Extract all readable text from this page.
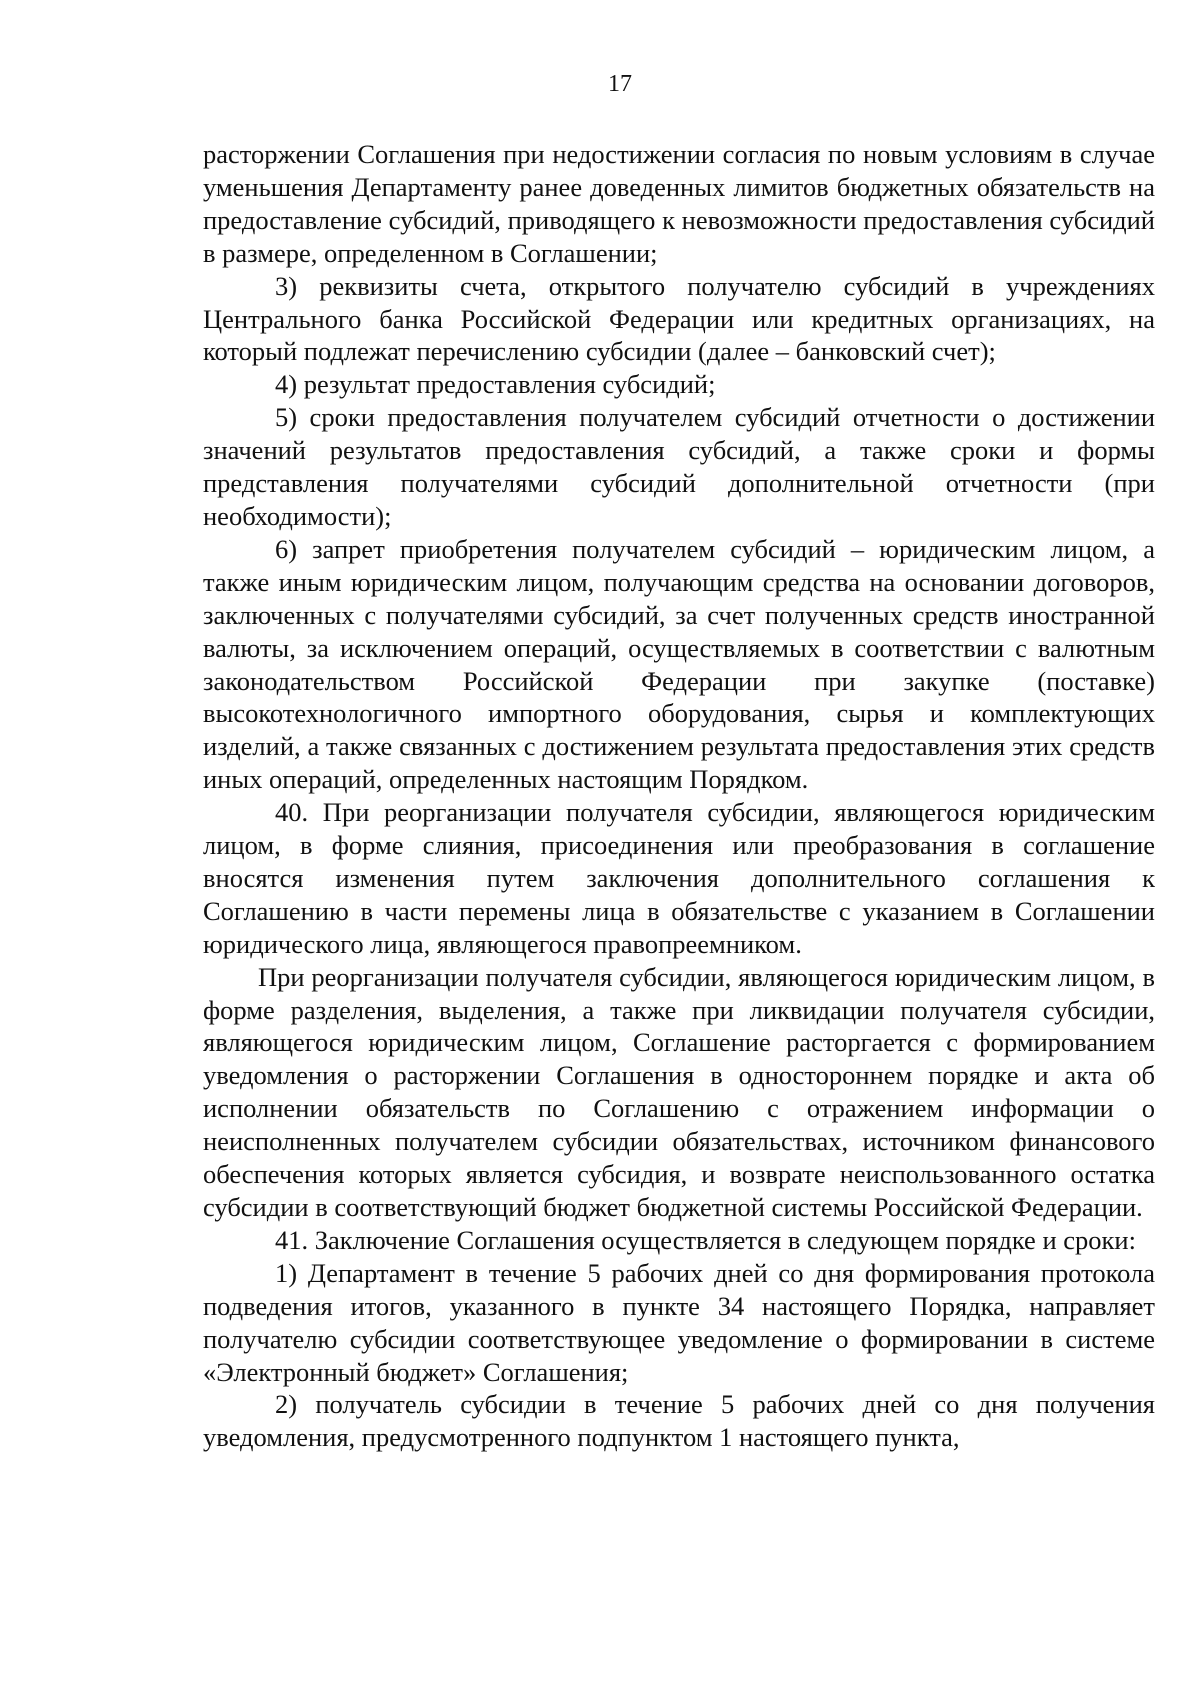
17

расторжении Соглашения при недостижении согласия по новым условиям в случае уменьшения Департаменту ранее доведенных лимитов бюджетных обязательств на предоставление субсидий, приводящего к невозможности предоставления субсидий в размере, определенном в Соглашении;

3) реквизиты счета, открытого получателю субсидий в учреждениях Центрального банка Российской Федерации или кредитных организациях, на который подлежат перечислению субсидии (далее – банковский счет);

4) результат предоставления субсидий;

5) сроки предоставления получателем субсидий отчетности о достижении значений результатов предоставления субсидий, а также сроки и формы представления получателями субсидий дополнительной отчетности (при необходимости);

6) запрет приобретения получателем субсидий – юридическим лицом, а также иным юридическим лицом, получающим средства на основании договоров, заключенных с получателями субсидий, за счет полученных средств иностранной валюты, за исключением операций, осуществляемых в соответствии с валютным законодательством Российской Федерации при закупке (поставке) высокотехнологичного импортного оборудования, сырья и комплектующих изделий, а также связанных с достижением результата предоставления этих средств иных операций, определенных настоящим Порядком.

40. При реорганизации получателя субсидии, являющегося юридическим лицом, в форме слияния, присоединения или преобразования в соглашение вносятся изменения путем заключения дополнительного соглашения к Соглашению в части перемены лица в обязательстве с указанием в Соглашении юридического лица, являющегося правопреемником.

При реорганизации получателя субсидии, являющегося юридическим лицом, в форме разделения, выделения, а также при ликвидации получателя субсидии, являющегося юридическим лицом, Соглашение расторгается с формированием уведомления о расторжении Соглашения в одностороннем порядке и акта об исполнении обязательств по Соглашению с отражением информации о неисполненных получателем субсидии обязательствах, источником финансового обеспечения которых является субсидия, и возврате неиспользованного остатка субсидии в соответствующий бюджет бюджетной системы Российской Федерации.

41. Заключение Соглашения осуществляется в следующем порядке и сроки:

1) Департамент в течение 5 рабочих дней со дня формирования протокола подведения итогов, указанного в пункте 34 настоящего Порядка, направляет получателю субсидии соответствующее уведомление о формировании в системе «Электронный бюджет» Соглашения;

2) получатель субсидии в течение 5 рабочих дней со дня получения уведомления, предусмотренного подпунктом 1 настоящего пункта,
